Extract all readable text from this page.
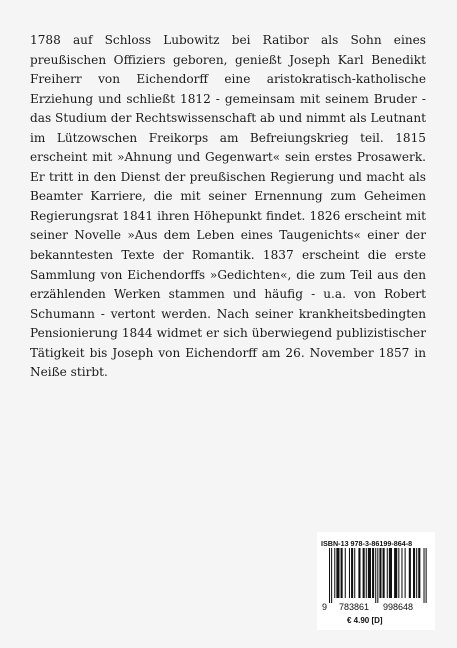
1788 auf Schloss Lubowitz bei Ratibor als Sohn eines preußischen Offiziers geboren, genießt Joseph Karl Benedikt Freiherr von Eichendorff eine aristokratisch-katholische Erziehung und schließt 1812 - gemeinsam mit seinem Bruder - das Studium der Rechtswissenschaft ab und nimmt als Leutnant im Lützowschen Freikorps am Befreiungskrieg teil. 1815 erscheint mit »Ahnung und Gegenwart« sein erstes Prosawerk. Er tritt in den Dienst der preußischen Regierung und macht als Beamter Karriere, die mit seiner Ernennung zum Geheimen Regierungsrat 1841 ihren Höhepunkt findet. 1826 erscheint mit seiner Novelle »Aus dem Leben eines Taugenichts« einer der bekanntesten Texte der Romantik. 1837 erscheint die erste Sammlung von Eichendorffs »Gedichten«, die zum Teil aus den erzählenden Werken stammen und häufig - u.a. von Robert Schumann - vertont werden. Nach seiner krankheitsbedingten Pensionierung 1844 widmet er sich überwiegend publizistischer Tätigkeit bis Joseph von Eichendorff am 26. November 1857 in Neiße stirbt.

ISBN-13 978-3-86199-864-8
9 783861 998648
€ 4.90 [D]
